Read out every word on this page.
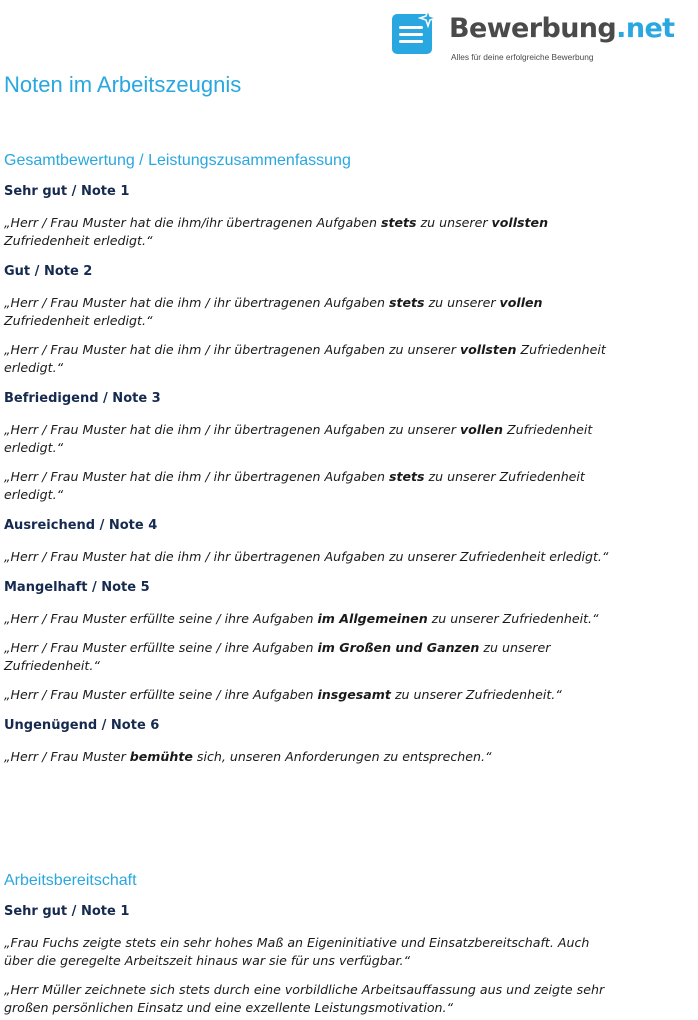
Bewerbung.net
Alles für deine erfolgreiche Bewerbung
Noten im Arbeitszeugnis
Gesamtbewertung / Leistungszusammenfassung
Sehr gut / Note 1

„Herr / Frau Muster hat die ihm/ihr übertragenen Aufgaben stets zu unserer vollsten Zufriedenheit erledigt.“

Gut / Note 2

„Herr / Frau Muster hat die ihm / ihr übertragenen Aufgaben stets zu unserer vollen Zufriedenheit erledigt.“

„Herr / Frau Muster hat die ihm / ihr übertragenen Aufgaben zu unserer vollsten Zufriedenheit erledigt.“

Befriedigend / Note 3

„Herr / Frau Muster hat die ihm / ihr übertragenen Aufgaben zu unserer vollen Zufriedenheit erledigt.“

„Herr / Frau Muster hat die ihm / ihr übertragenen Aufgaben stets zu unserer Zufriedenheit erledigt.“

Ausreichend / Note 4

„Herr / Frau Muster hat die ihm / ihr übertragenen Aufgaben zu unserer Zufriedenheit erledigt.“

Mangelhaft / Note 5

„Herr / Frau Muster erfüllte seine / ihre Aufgaben im Allgemeinen zu unserer Zufriedenheit.“

„Herr / Frau Muster erfüllte seine / ihre Aufgaben im Großen und Ganzen zu unserer Zufriedenheit.“

„Herr / Frau Muster erfüllte seine / ihre Aufgaben insgesamt zu unserer Zufriedenheit.“

Ungenügend / Note 6

„Herr / Frau Muster bemühte sich, unseren Anforderungen zu entsprechen.“

Arbeitsbereitschaft
Sehr gut / Note 1

„Frau Fuchs zeigte stets ein sehr hohes Maß an Eigeninitiative und Einsatzbereitschaft. Auch über die geregelte Arbeitszeit hinaus war sie für uns verfügbar.“

„Herr Müller zeichnete sich stets durch eine vorbildliche Arbeitsauffassung aus und zeigte sehr großen persönlichen Einsatz und eine exzellente Leistungsmotivation.“
